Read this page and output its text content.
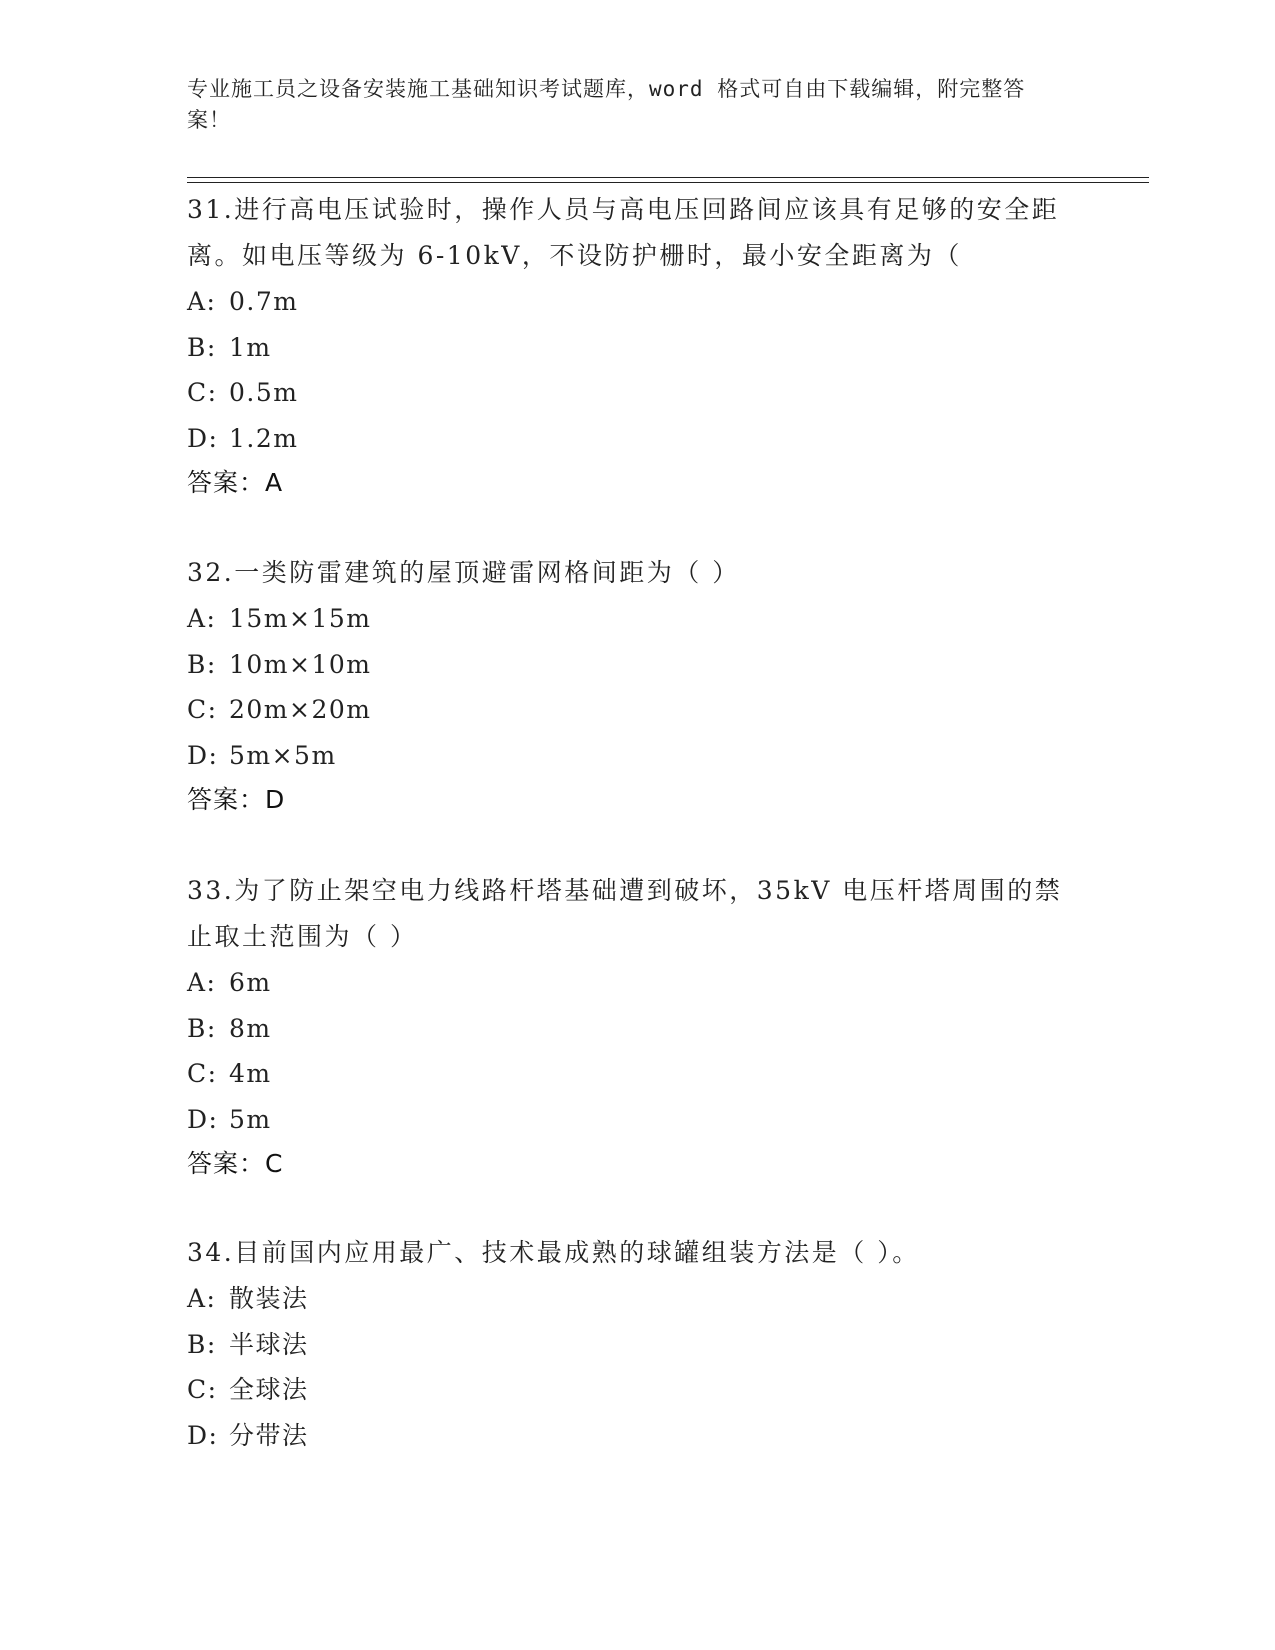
专业施工员之设备安装施工基础知识考试题库，word 格式可自由下载编辑，附完整答案！

31.进行高电压试验时，操作人员与高电压回路间应该具有足够的安全距离。如电压等级为 6-10kV，不设防护栅时，最小安全距离为（

A: 0.7m

B: 1m

C: 0.5m

D: 1.2m

答案：A

32.一类防雷建筑的屋顶避雷网格间距为（ ）

A: 15m×15m

B: 10m×10m

C: 20m×20m

D: 5m×5m

答案：D

33.为了防止架空电力线路杆塔基础遭到破坏，35kV 电压杆塔周围的禁止取土范围为（ ）

A: 6m

B: 8m

C: 4m

D: 5m

答案：C

34.目前国内应用最广、技术最成熟的球罐组装方法是（ ）。

A: 散装法

B: 半球法

C: 全球法

D: 分带法
